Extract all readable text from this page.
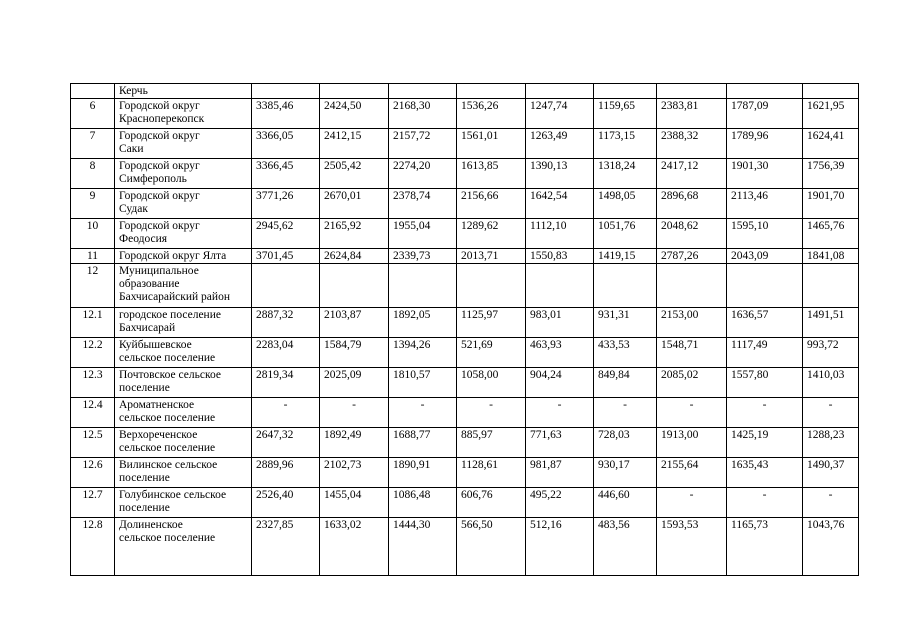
	Керчь									

6	Городской округ
Красноперекопск	3385,46	2424,50	2168,30	1536,26	1247,74	1159,65	2383,81	1787,09	1621,95
7	Городской округ
Саки	3366,05	2412,15	2157,72	1561,01	1263,49	1173,15	2388,32	1789,96	1624,41
8	Городской округ
Симферополь	3366,45	2505,42	2274,20	1613,85	1390,13	1318,24	2417,12	1901,30	1756,39
9	Городской округ
Судак	3771,26	2670,01	2378,74	2156,66	1642,54	1498,05	2896,68	2113,46	1901,70
10	Городской округ
Феодосия	2945,62	2165,92	1955,04	1289,62	1112,10	1051,76	2048,62	1595,10	1465,76
11	Городской округ Ялта	3701,45	2624,84	2339,73	2013,71	1550,83	1419,15	2787,26	2043,09	1841,08
12	Муниципальное
образование
Бахчисарайский район									

12.1	городское поселение
Бахчисарай	2887,32	2103,87	1892,05	1125,97	983,01	931,31	2153,00	1636,57	1491,51
12.2	Куйбышевское
сельское поселение	2283,04	1584,79	1394,26	521,69	463,93	433,53	1548,71	1117,49	993,72
12.3	Почтовское сельское
поселение	2819,34	2025,09	1810,57	1058,00	904,24	849,84	2085,02	1557,80	1410,03
12.4	Ароматненское
сельское поселение	-	-	-	-	-	-	-	-	-
12.5	Верхореченское
сельское поселение	2647,32	1892,49	1688,77	885,97	771,63	728,03	1913,00	1425,19	1288,23
12.6	Вилинское сельское
поселение	2889,96	2102,73	1890,91	1128,61	981,87	930,17	2155,64	1635,43	1490,37
12.7	Голубинское сельское
поселение	2526,40	1455,04	1086,48	606,76	495,22	446,60	-	-	-
12.8	Долиненское
сельское поселение	2327,85	1633,02	1444,30	566,50	512,16	483,56	1593,53	1165,73	1043,76
